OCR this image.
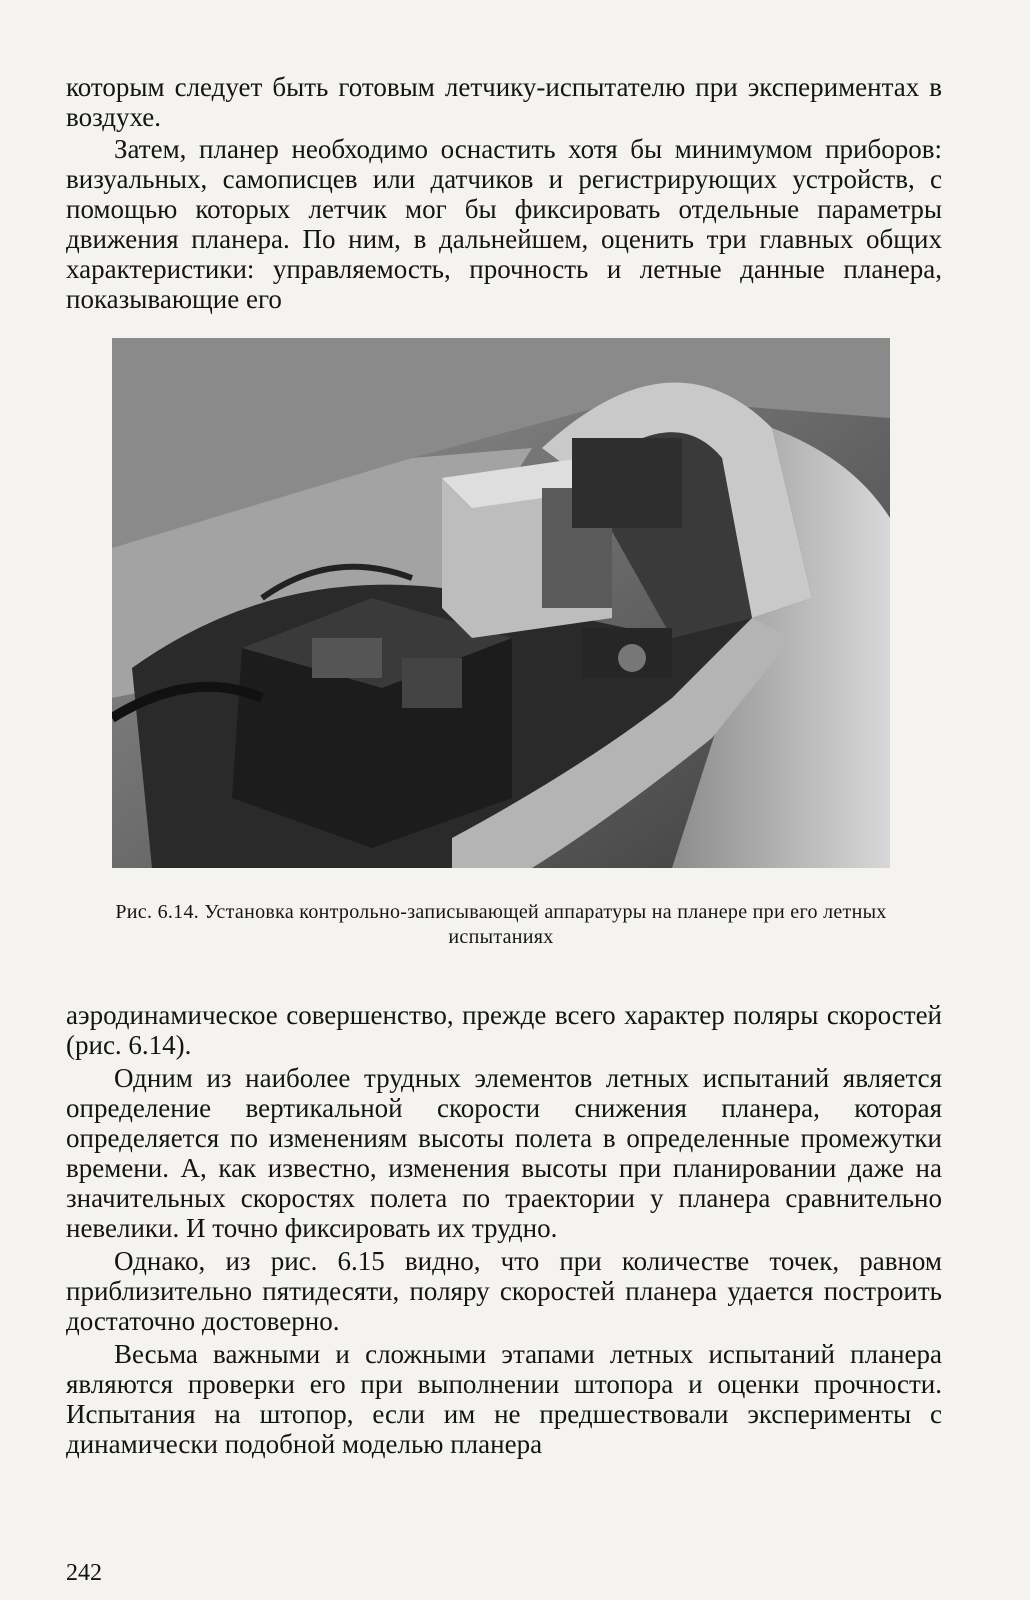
которым следует быть готовым летчику-испытателю при экспериментах в воздухе.

Затем, планер необходимо оснастить хотя бы минимумом приборов: визуальных, самописцев или датчиков и регистрирующих устройств, с помощью которых летчик мог бы фиксировать отдельные параметры движения планера. По ним, в дальнейшем, оценить три главных общих характеристики: управляемость, прочность и летные данные планера, показывающие его

Рис. 6.14. Установка контрольно-записывающей аппаратуры на планере при его летных испытаниях

аэродинамическое совершенство, прежде всего характер поляры скоростей (рис. 6.14).

Одним из наиболее трудных элементов летных испытаний является определение вертикальной скорости снижения планера, которая определяется по изменениям высоты полета в определенные промежутки времени. А, как известно, изменения высоты при планировании даже на значительных скоростях полета по траектории у планера сравнительно невелики. И точно фиксировать их трудно.

Однако, из рис. 6.15 видно, что при количестве точек, равном приблизительно пятидесяти, поляру скоростей планера удается построить достаточно достоверно.

Весьма важными и сложными этапами летных испытаний планера являются проверки его при выполнении штопора и оценки прочности. Испытания на штопор, если им не предшествовали эксперименты с динамически подобной моделью планера

242
